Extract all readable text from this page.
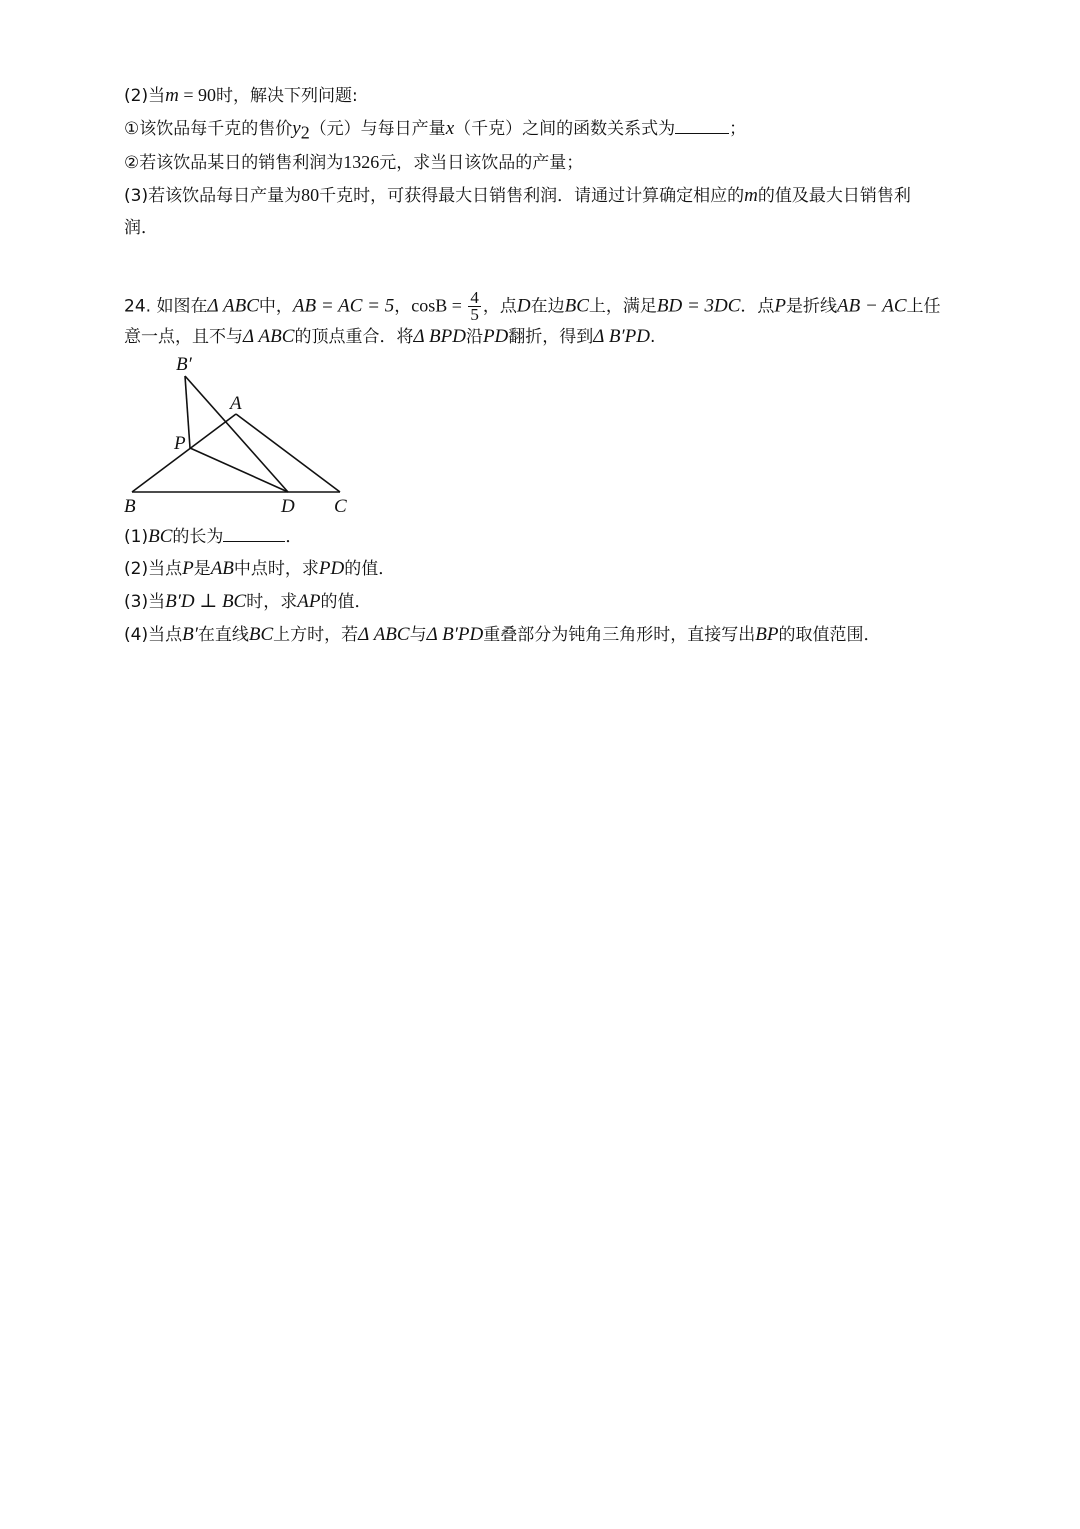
(2)当m = 90时，解决下列问题:
①该饮品每千克的售价$y_2$（元）与每日产量x（千克）之间的函数关系式为	；
②若该饮品某日的销售利润为1326元，求当日该饮品的产量；
(3)若该饮品每日产量为80千克时，可获得最大日销售利润．请通过计算确定相应的m的值及最大日销售利
润．
24. 如图在Δ ABC中，AB = AC = 5，$\cos B = \frac{4}{5}$ ，点D在边BC上，满足BD = 3DC．点P是折线AB − AC上任
意一点，且不与Δ ABC的顶点重合．将Δ BPD沿PD翻折，得到Δ B′PD.
B′
A
P
B	D C
(1)BC的长为	．
(2)当点P是AB中点时，求PD的值．
(3)当B′D ⊥ BC时，求AP的值．
(4)当点B′在直线BC上方时，若Δ ABC与Δ B′PD重叠部分为钝角三角形时，直接写出BP的取值范围．
